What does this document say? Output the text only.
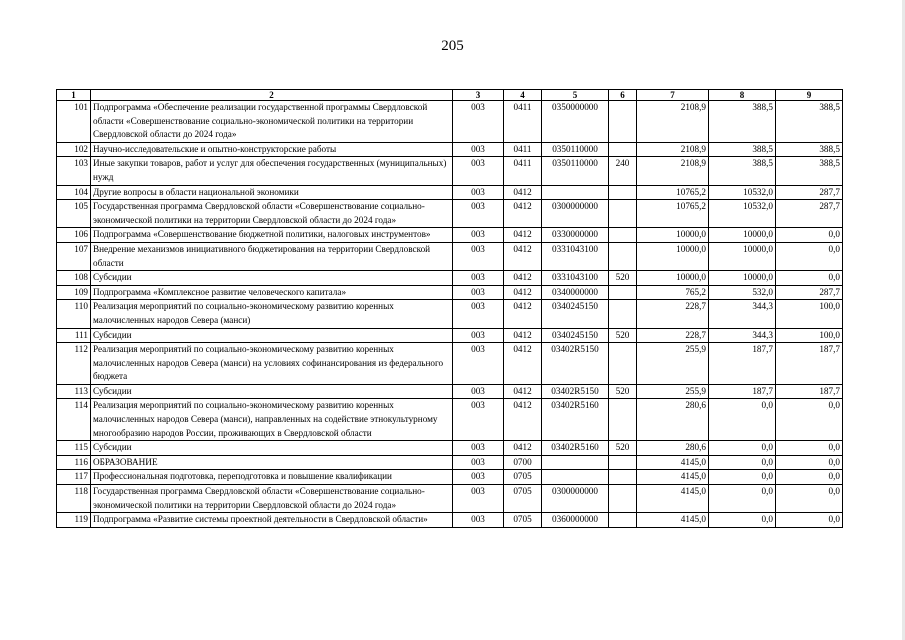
205
1	2	3	4	5	6	7	8	9
101	Подпрограмма «Обеспечение реализации государственной программы Свердловской области «Совершенствование социально-экономической политики на территории Свердловской области до 2024 года»	003	0411	0350000000		2108,9	388,5	388,5
102	Научно-исследовательские и опытно-конструкторские работы	003	0411	0350110000		2108,9	388,5	388,5
103	Иные закупки товаров, работ и услуг для обеспечения государственных (муниципальных) нужд	003	0411	0350110000	240	2108,9	388,5	388,5
104	Другие вопросы в области национальной экономики	003	0412			10765,2	10532,0	287,7
105	Государственная программа Свердловской области «Совершенствование социально-экономической политики на территории Свердловской области до 2024 года»	003	0412	0300000000		10765,2	10532,0	287,7
106	Подпрограмма «Совершенствование бюджетной политики, налоговых инструментов»	003	0412	0330000000		10000,0	10000,0	0,0
107	Внедрение механизмов инициативного бюджетирования на территории Свердловской области	003	0412	0331043100		10000,0	10000,0	0,0
108	Субсидии	003	0412	0331043100	520	10000,0	10000,0	0,0
109	Подпрограмма «Комплексное развитие человеческого капитала»	003	0412	0340000000		765,2	532,0	287,7
110	Реализация мероприятий по социально-экономическому развитию коренных малочисленных народов Севера (манси)	003	0412	0340245150		228,7	344,3	100,0
111	Субсидии	003	0412	0340245150	520	228,7	344,3	100,0
112	Реализация мероприятий по социально-экономическому развитию коренных малочисленных народов Севера (манси) на условиях софинансирования из федерального бюджета	003	0412	03402R5150		255,9	187,7	187,7
113	Субсидии	003	0412	03402R5150	520	255,9	187,7	187,7
114	Реализация мероприятий по социально-экономическому развитию коренных малочисленных народов Севера (манси), направленных на содействие этнокультурному многообразию народов России, проживающих в Свердловской области	003	0412	03402R5160		280,6	0,0	0,0
115	Субсидии	003	0412	03402R5160	520	280,6	0,0	0,0
116	ОБРАЗОВАНИЕ	003	0700			4145,0	0,0	0,0
117	Профессиональная подготовка, переподготовка и повышение квалификации	003	0705			4145,0	0,0	0,0
118	Государственная программа Свердловской области «Совершенствование социально-экономической политики на территории Свердловской области до 2024 года»	003	0705	0300000000		4145,0	0,0	0,0
119	Подпрограмма «Развитие системы проектной деятельности в Свердловской области»	003	0705	0360000000		4145,0	0,0	0,0
